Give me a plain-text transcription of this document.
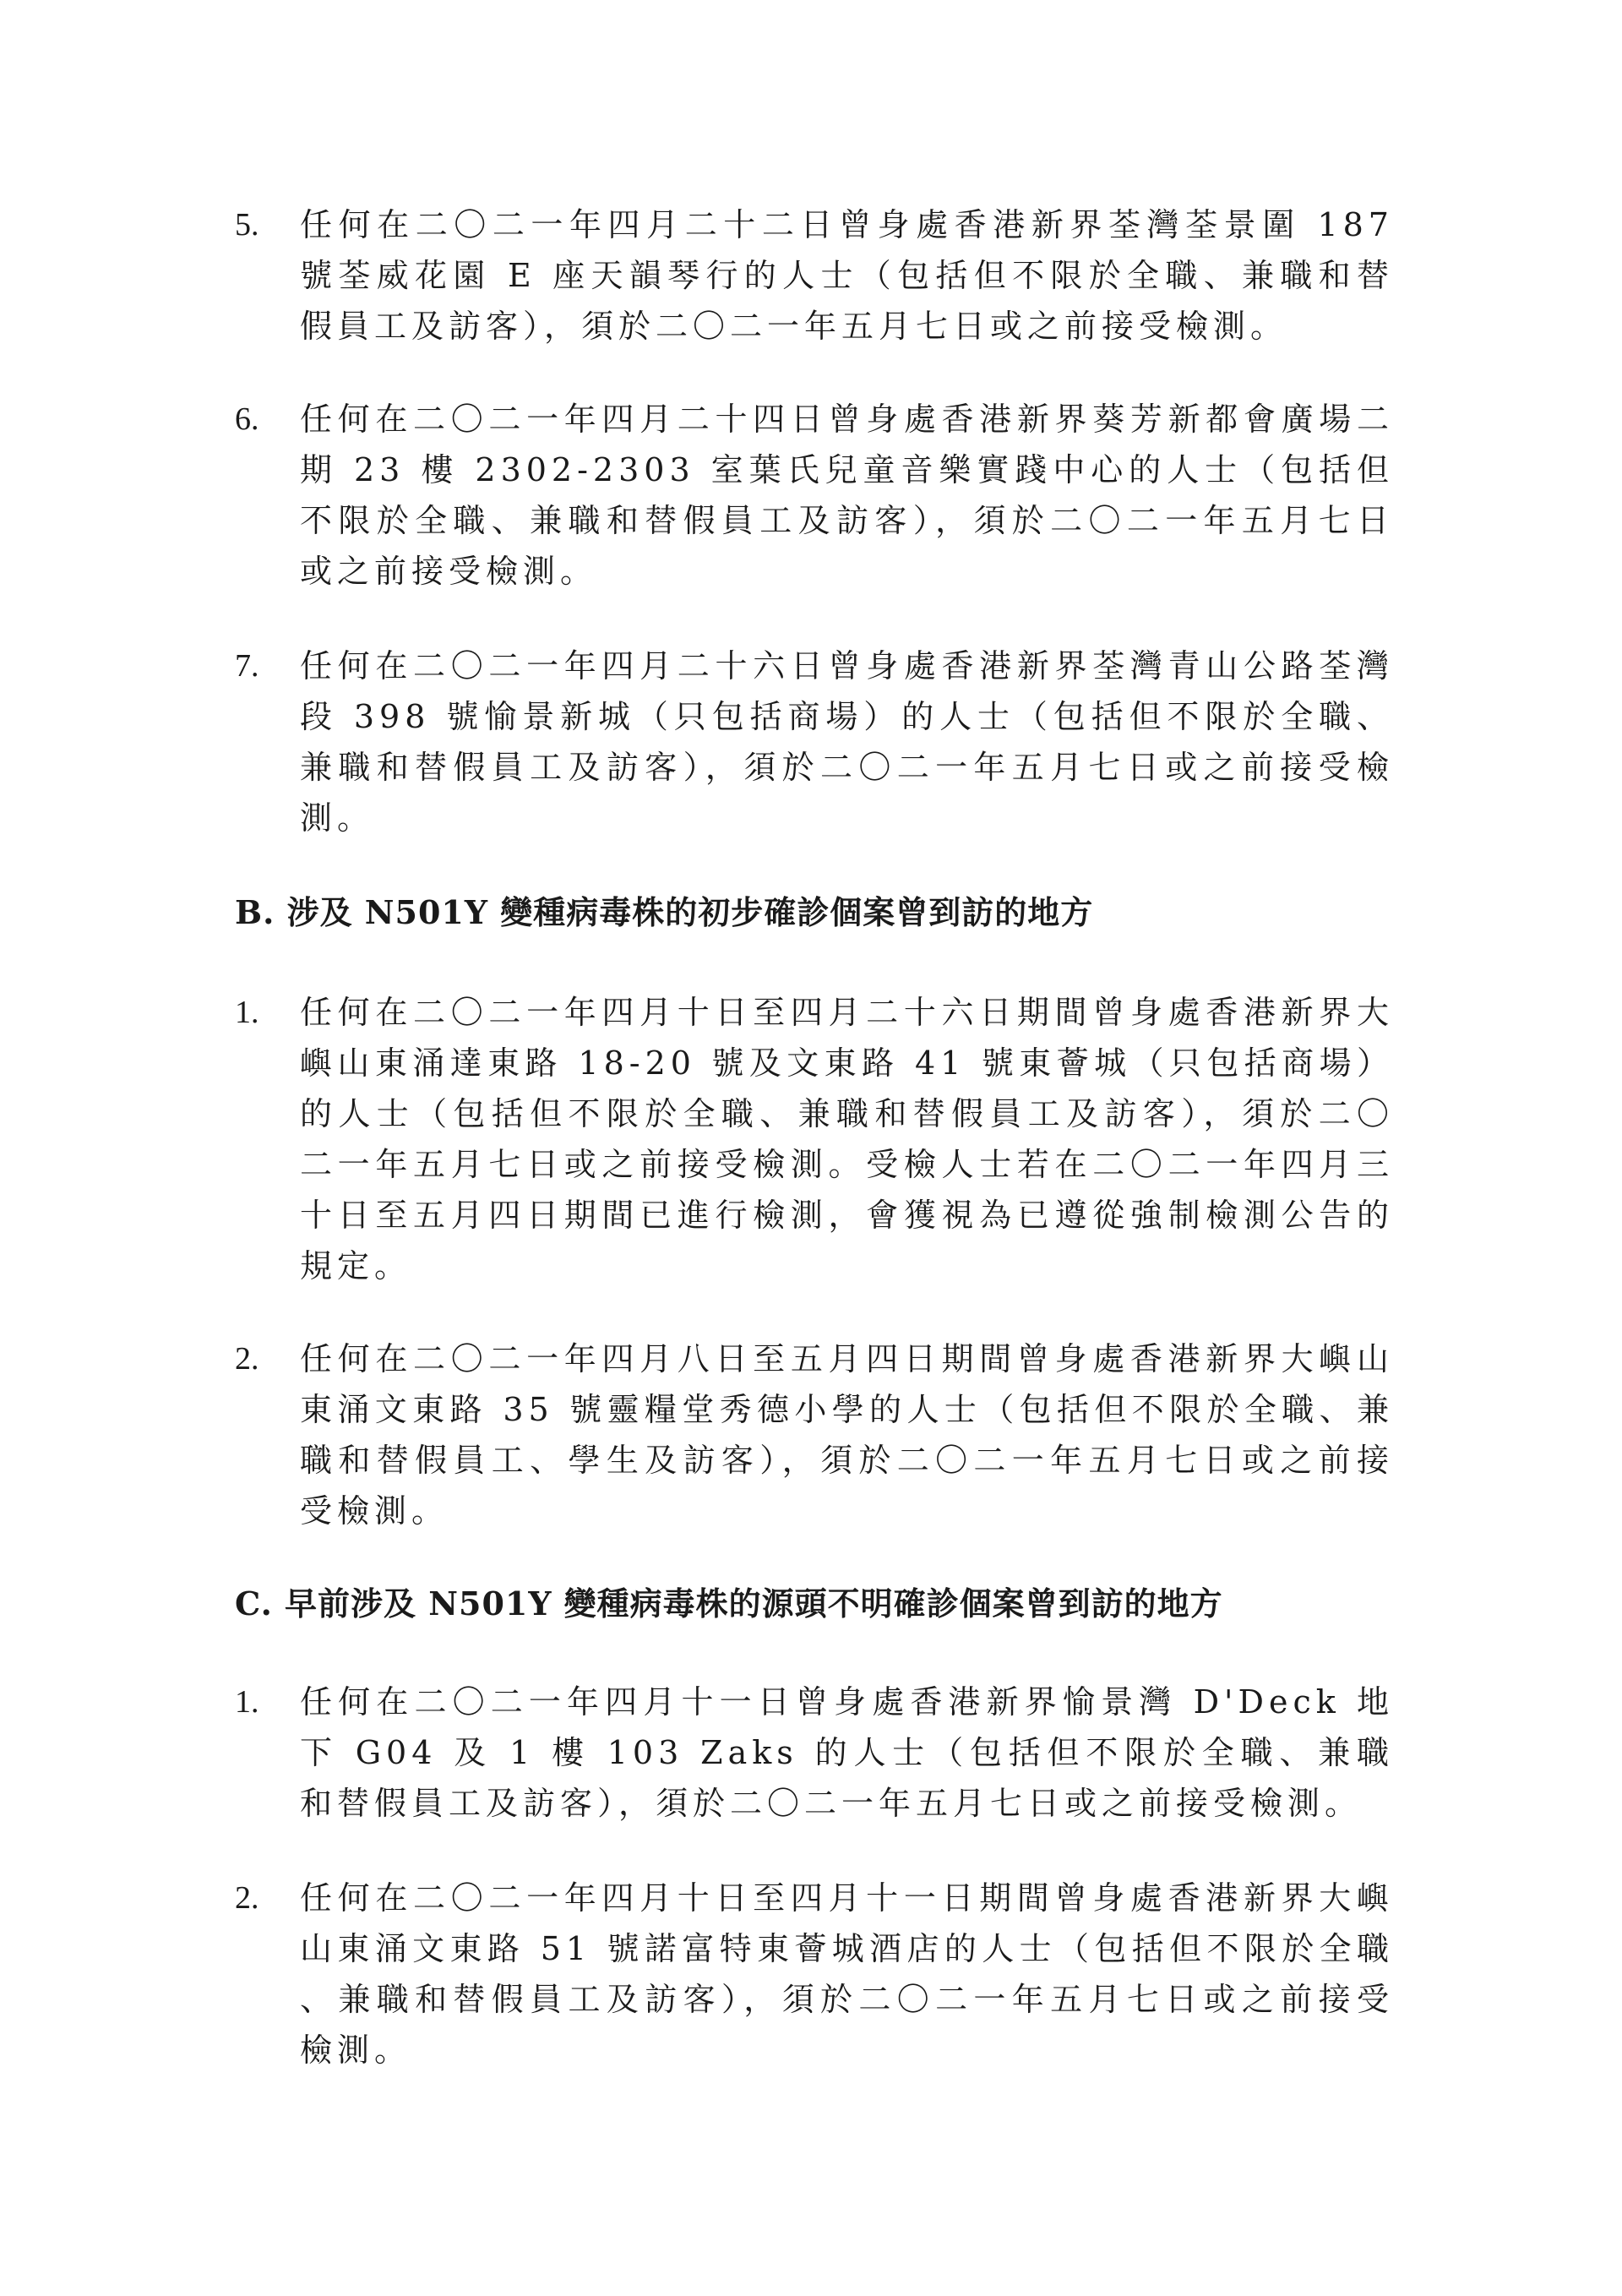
5. 任何在二〇二一年四月二十二日曾身處香港新界荃灣荃景圍 187 號荃威花園 E 座天韻琴行的人士（包括但不限於全職、兼職和替假員工及訪客），須於二〇二一年五月七日或之前接受檢測。
6. 任何在二〇二一年四月二十四日曾身處香港新界葵芳新都會廣場二期 23 樓 2302-2303 室葉氏兒童音樂實踐中心的人士（包括但不限於全職、兼職和替假員工及訪客），須於二〇二一年五月七日或之前接受檢測。
7. 任何在二〇二一年四月二十六日曾身處香港新界荃灣青山公路荃灣段 398 號愉景新城（只包括商場）的人士（包括但不限於全職、兼職和替假員工及訪客），須於二〇二一年五月七日或之前接受檢測。
B. 涉及 N501Y 變種病毒株的初步確診個案曾到訪的地方
1. 任何在二〇二一年四月十日至四月二十六日期間曾身處香港新界大嶼山東涌達東路 18-20 號及文東路 41 號東薈城（只包括商場）的人士（包括但不限於全職、兼職和替假員工及訪客），須於二〇二一年五月七日或之前接受檢測。受檢人士若在二〇二一年四月三十日至五月四日期間已進行檢測，會獲視為已遵從強制檢測公告的規定。
2. 任何在二〇二一年四月八日至五月四日期間曾身處香港新界大嶼山東涌文東路 35 號靈糧堂秀德小學的人士（包括但不限於全職、兼職和替假員工、學生及訪客），須於二〇二一年五月七日或之前接受檢測。
C. 早前涉及 N501Y 變種病毒株的源頭不明確診個案曾到訪的地方
1. 任何在二〇二一年四月十一日曾身處香港新界愉景灣 D'Deck 地下 G04 及 1 樓 103 Zaks 的人士（包括但不限於全職、兼職和替假員工及訪客），須於二〇二一年五月七日或之前接受檢測。
2. 任何在二〇二一年四月十日至四月十一日期間曾身處香港新界大嶼山東涌文東路 51 號諾富特東薈城酒店的人士（包括但不限於全職、兼職和替假員工及訪客），須於二〇二一年五月七日或之前接受檢測。
